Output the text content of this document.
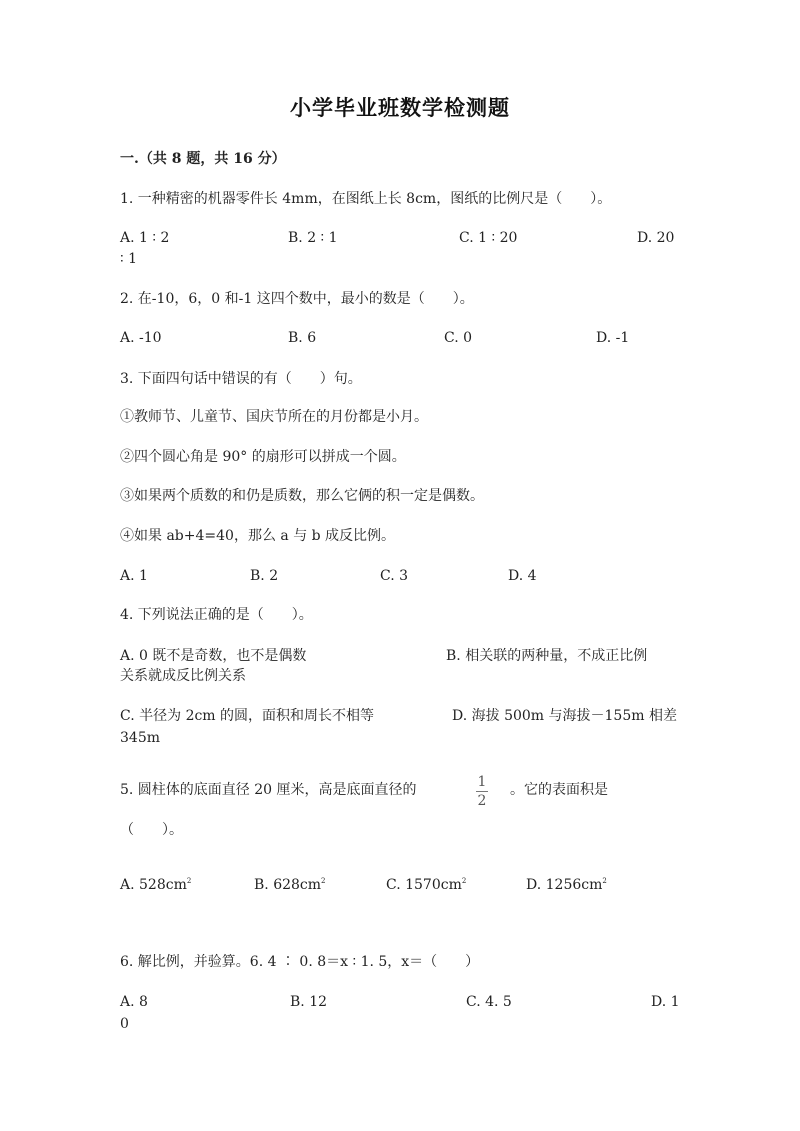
小学毕业班数学检测题
一.（共 8 题，共 16 分）
1. 一种精密的机器零件长 4mm，在图纸上长 8cm，图纸的比例尺是（　　）。
A. 1 ∶ 2	B. 2 ∶ 1	C. 1 ∶ 20	D. 20
∶ 1
2. 在-10，6，0 和-1 这四个数中，最小的数是（　　）。
A. -10	B. 6	C. 0	D. -1
3. 下面四句话中错误的有（　　）句。
①教师节、儿童节、国庆节所在的月份都是小月。
②四个圆心角是 90° 的扇形可以拼成一个圆。
③如果两个质数的和仍是质数，那么它俩的积一定是偶数。
④如果 ab+4=40，那么 a 与 b 成反比例。
A. 1	B. 2	C. 3	D. 4
4. 下列说法正确的是（　　）。
A. 0 既不是奇数，也不是偶数	B. 相关联的两种量，不成正比例
关系就成反比例关系
C. 半径为 2cm 的圆，面积和周长不相等	D. 海拔 500m 与海拔－155m 相差
345m
5. 圆柱体的底面直径 20 厘米，高是底面直径的	1
2
。它的表面积是
（　　）。
A. $528cm^2$	B. $628cm^2$	C. $1570cm^2$	D. $1256cm^2$
6. 解比例，并验算。6. 4 ∶ 0. 8＝x ∶ 1. 5，x＝（　　）
A. 8	B. 12	C. 4. 5	D. 1
0
